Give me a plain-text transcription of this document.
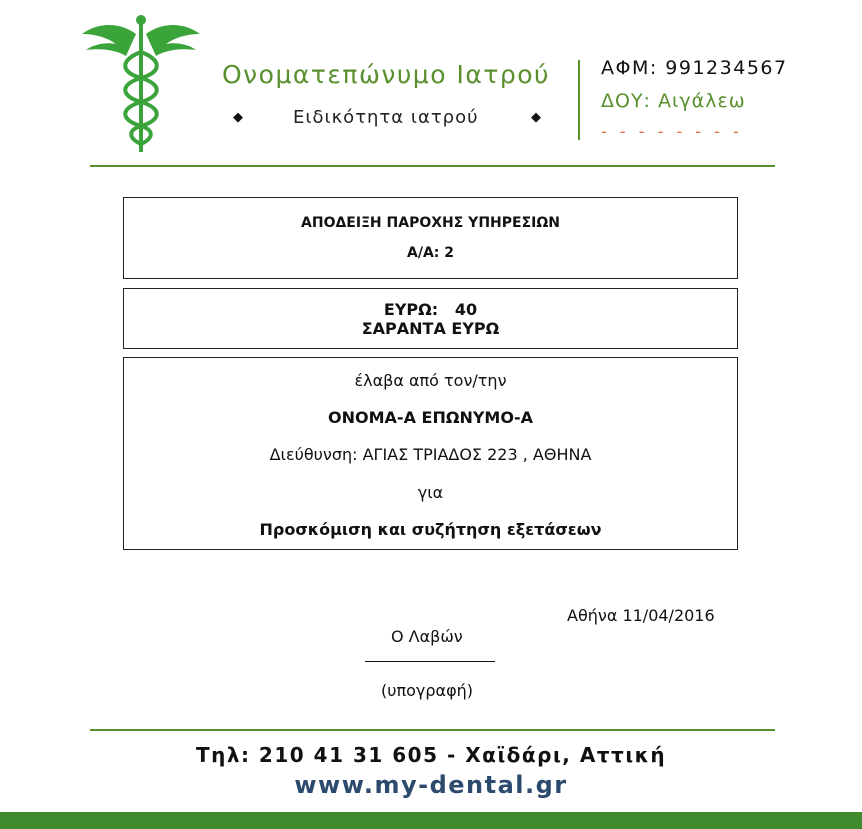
Ονοματεπώνυμο Ιατρού
◆	Ειδικότητα ιατρού	◆
ΑΦΜ: 991234567
ΔΟΥ: Αιγάλεω
- - - - - - - -
ΑΠΟΔΕΙΞΗ ΠΑΡΟΧΗΣ ΥΠΗΡΕΣΙΩΝ
Α/Α: 2
ΕΥΡΩ:   40
ΣΑΡΑΝΤΑ ΕΥΡΩ
έλαβα από τον/την
ΟΝΟΜΑ-Α ΕΠΩΝΥΜΟ-Α
Διεύθυνση: ΑΓΙΑΣ ΤΡΙΑΔΟΣ 223 , ΑΘΗΝΑ
για
Προσκόμιση και συζήτηση εξετάσεων
Αθήνα 11/04/2016
Ο Λαβών
(υπογραφή)
Τηλ: 210 41 31 605 - Χαϊδάρι, Αττική
www.my-dental.gr
